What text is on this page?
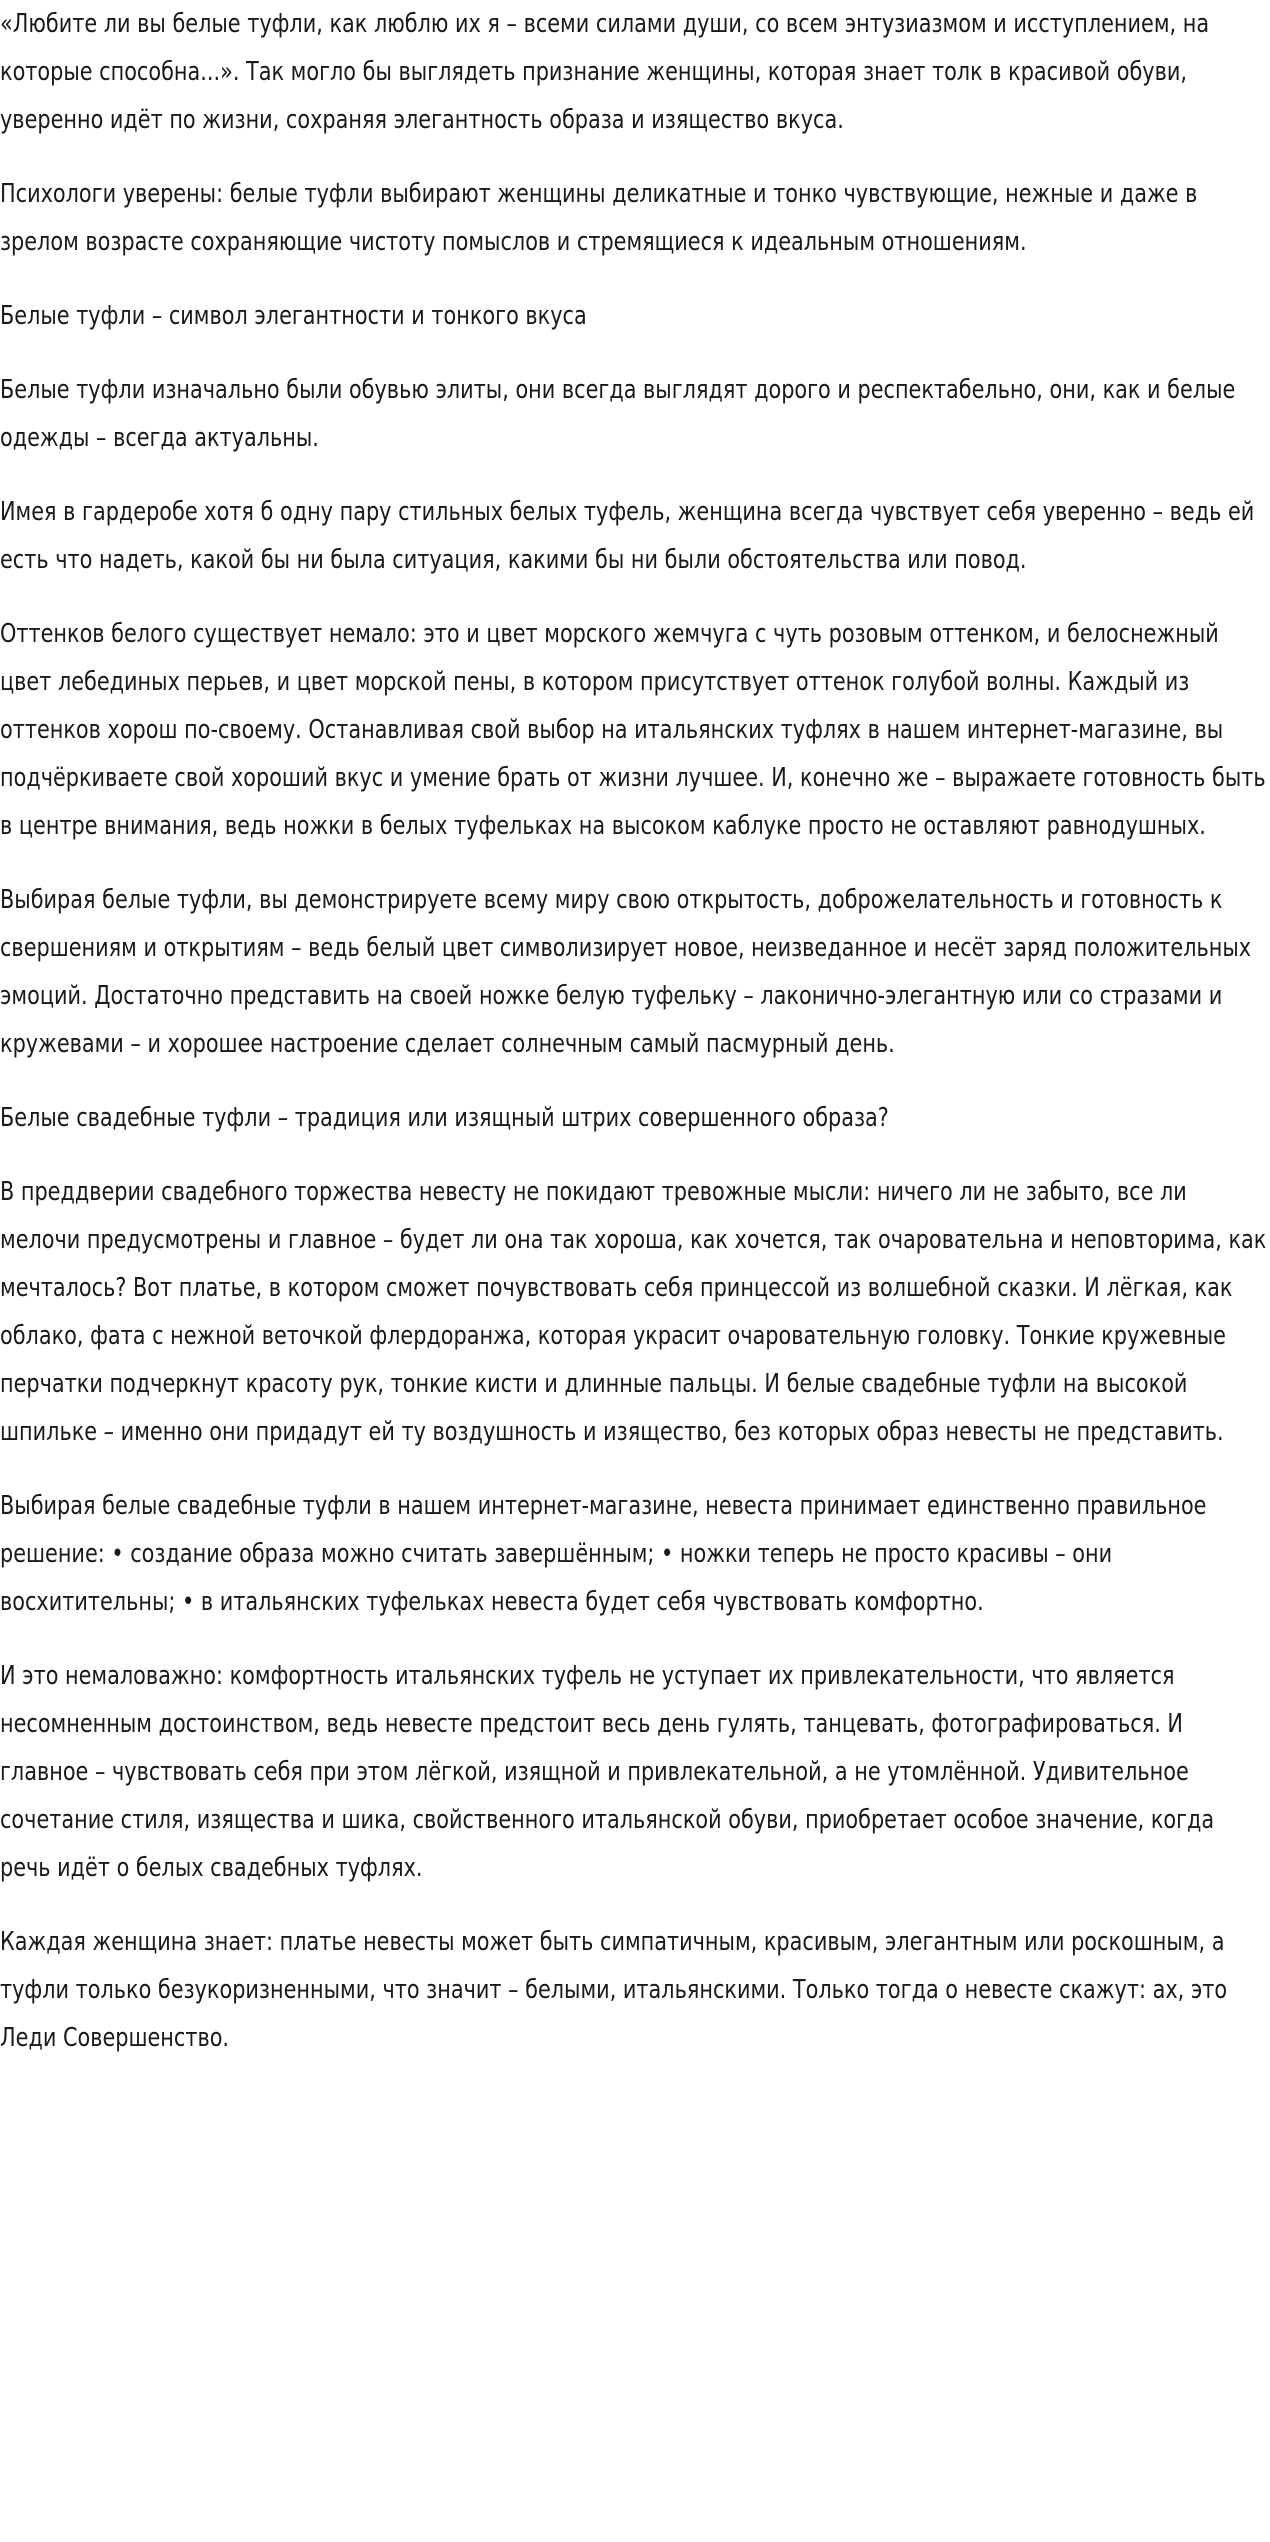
«Любите ли вы белые туфли, как люблю их я – всеми силами души, со всем энтузиазмом и исступлением, на которые способна...». Так могло бы выглядеть признание женщины, которая знает толк в красивой обуви, уверенно идёт по жизни, сохраняя элегантность образа и изящество вкуса.

Психологи уверены: белые туфли выбирают женщины деликатные и тонко чувствующие, нежные и даже в зрелом возрасте сохраняющие чистоту помыслов и стремящиеся к идеальным отношениям.

Белые туфли – символ элегантности и тонкого вкуса

Белые туфли изначально были обувью элиты, они всегда выглядят дорого и респектабельно, они, как и белые одежды – всегда актуальны.

Имея в гардеробе хотя б одну пару стильных белых туфель, женщина всегда чувствует себя уверенно – ведь ей есть что надеть, какой бы ни была ситуация, какими бы ни были обстоятельства или повод.

Оттенков белого существует немало: это и цвет морского жемчуга с чуть розовым оттенком, и белоснежный цвет лебединых перьев, и цвет морской пены, в котором присутствует оттенок голубой волны. Каждый из оттенков хорош по-своему. Останавливая свой выбор на итальянских туфлях в нашем интернет-магазине, вы подчёркиваете свой хороший вкус и умение брать от жизни лучшее. И, конечно же – выражаете готовность быть в центре внимания, ведь ножки в белых туфельках на высоком каблуке просто не оставляют равнодушных.

Выбирая белые туфли, вы демонстрируете всему миру свою открытость, доброжелательность и готовность к свершениям и открытиям – ведь белый цвет символизирует новое, неизведанное и несёт заряд положительных эмоций. Достаточно представить на своей ножке белую туфельку – лаконично-элегантную или со стразами и кружевами – и хорошее настроение сделает солнечным самый пасмурный день.

Белые свадебные туфли – традиция или изящный штрих совершенного образа?

В преддверии свадебного торжества невесту не покидают тревожные мысли: ничего ли не забыто, все ли мелочи предусмотрены и главное – будет ли она так хороша, как хочется, так очаровательна и неповторима, как мечталось? Вот платье, в котором сможет почувствовать себя принцессой из волшебной сказки. И лёгкая, как облако, фата с нежной веточкой флердоранжа, которая украсит очаровательную головку. Тонкие кружевные перчатки подчеркнут красоту рук, тонкие кисти и длинные пальцы. И белые свадебные туфли на высокой шпильке – именно они придадут ей ту воздушность и изящество, без которых образ невесты не представить.

Выбирая белые свадебные туфли в нашем интернет-магазине, невеста принимает единственно правильное решение: • создание образа можно считать завершённым; • ножки теперь не просто красивы – они восхитительны; • в итальянских туфельках невеста будет себя чувствовать комфортно.

И это немаловажно: комфортность итальянских туфель не уступает их привлекательности, что является несомненным достоинством, ведь невесте предстоит весь день гулять, танцевать, фотографироваться. И главное – чувствовать себя при этом лёгкой, изящной и привлекательной, а не утомлённой. Удивительное сочетание стиля, изящества и шика, свойственного итальянской обуви, приобретает особое значение, когда речь идёт о белых свадебных туфлях.

Каждая женщина знает: платье невесты может быть симпатичным, красивым, элегантным или роскошным, а туфли только безукоризненными, что значит – белыми, итальянскими. Только тогда о невесте скажут: ах, это Леди Совершенство.
